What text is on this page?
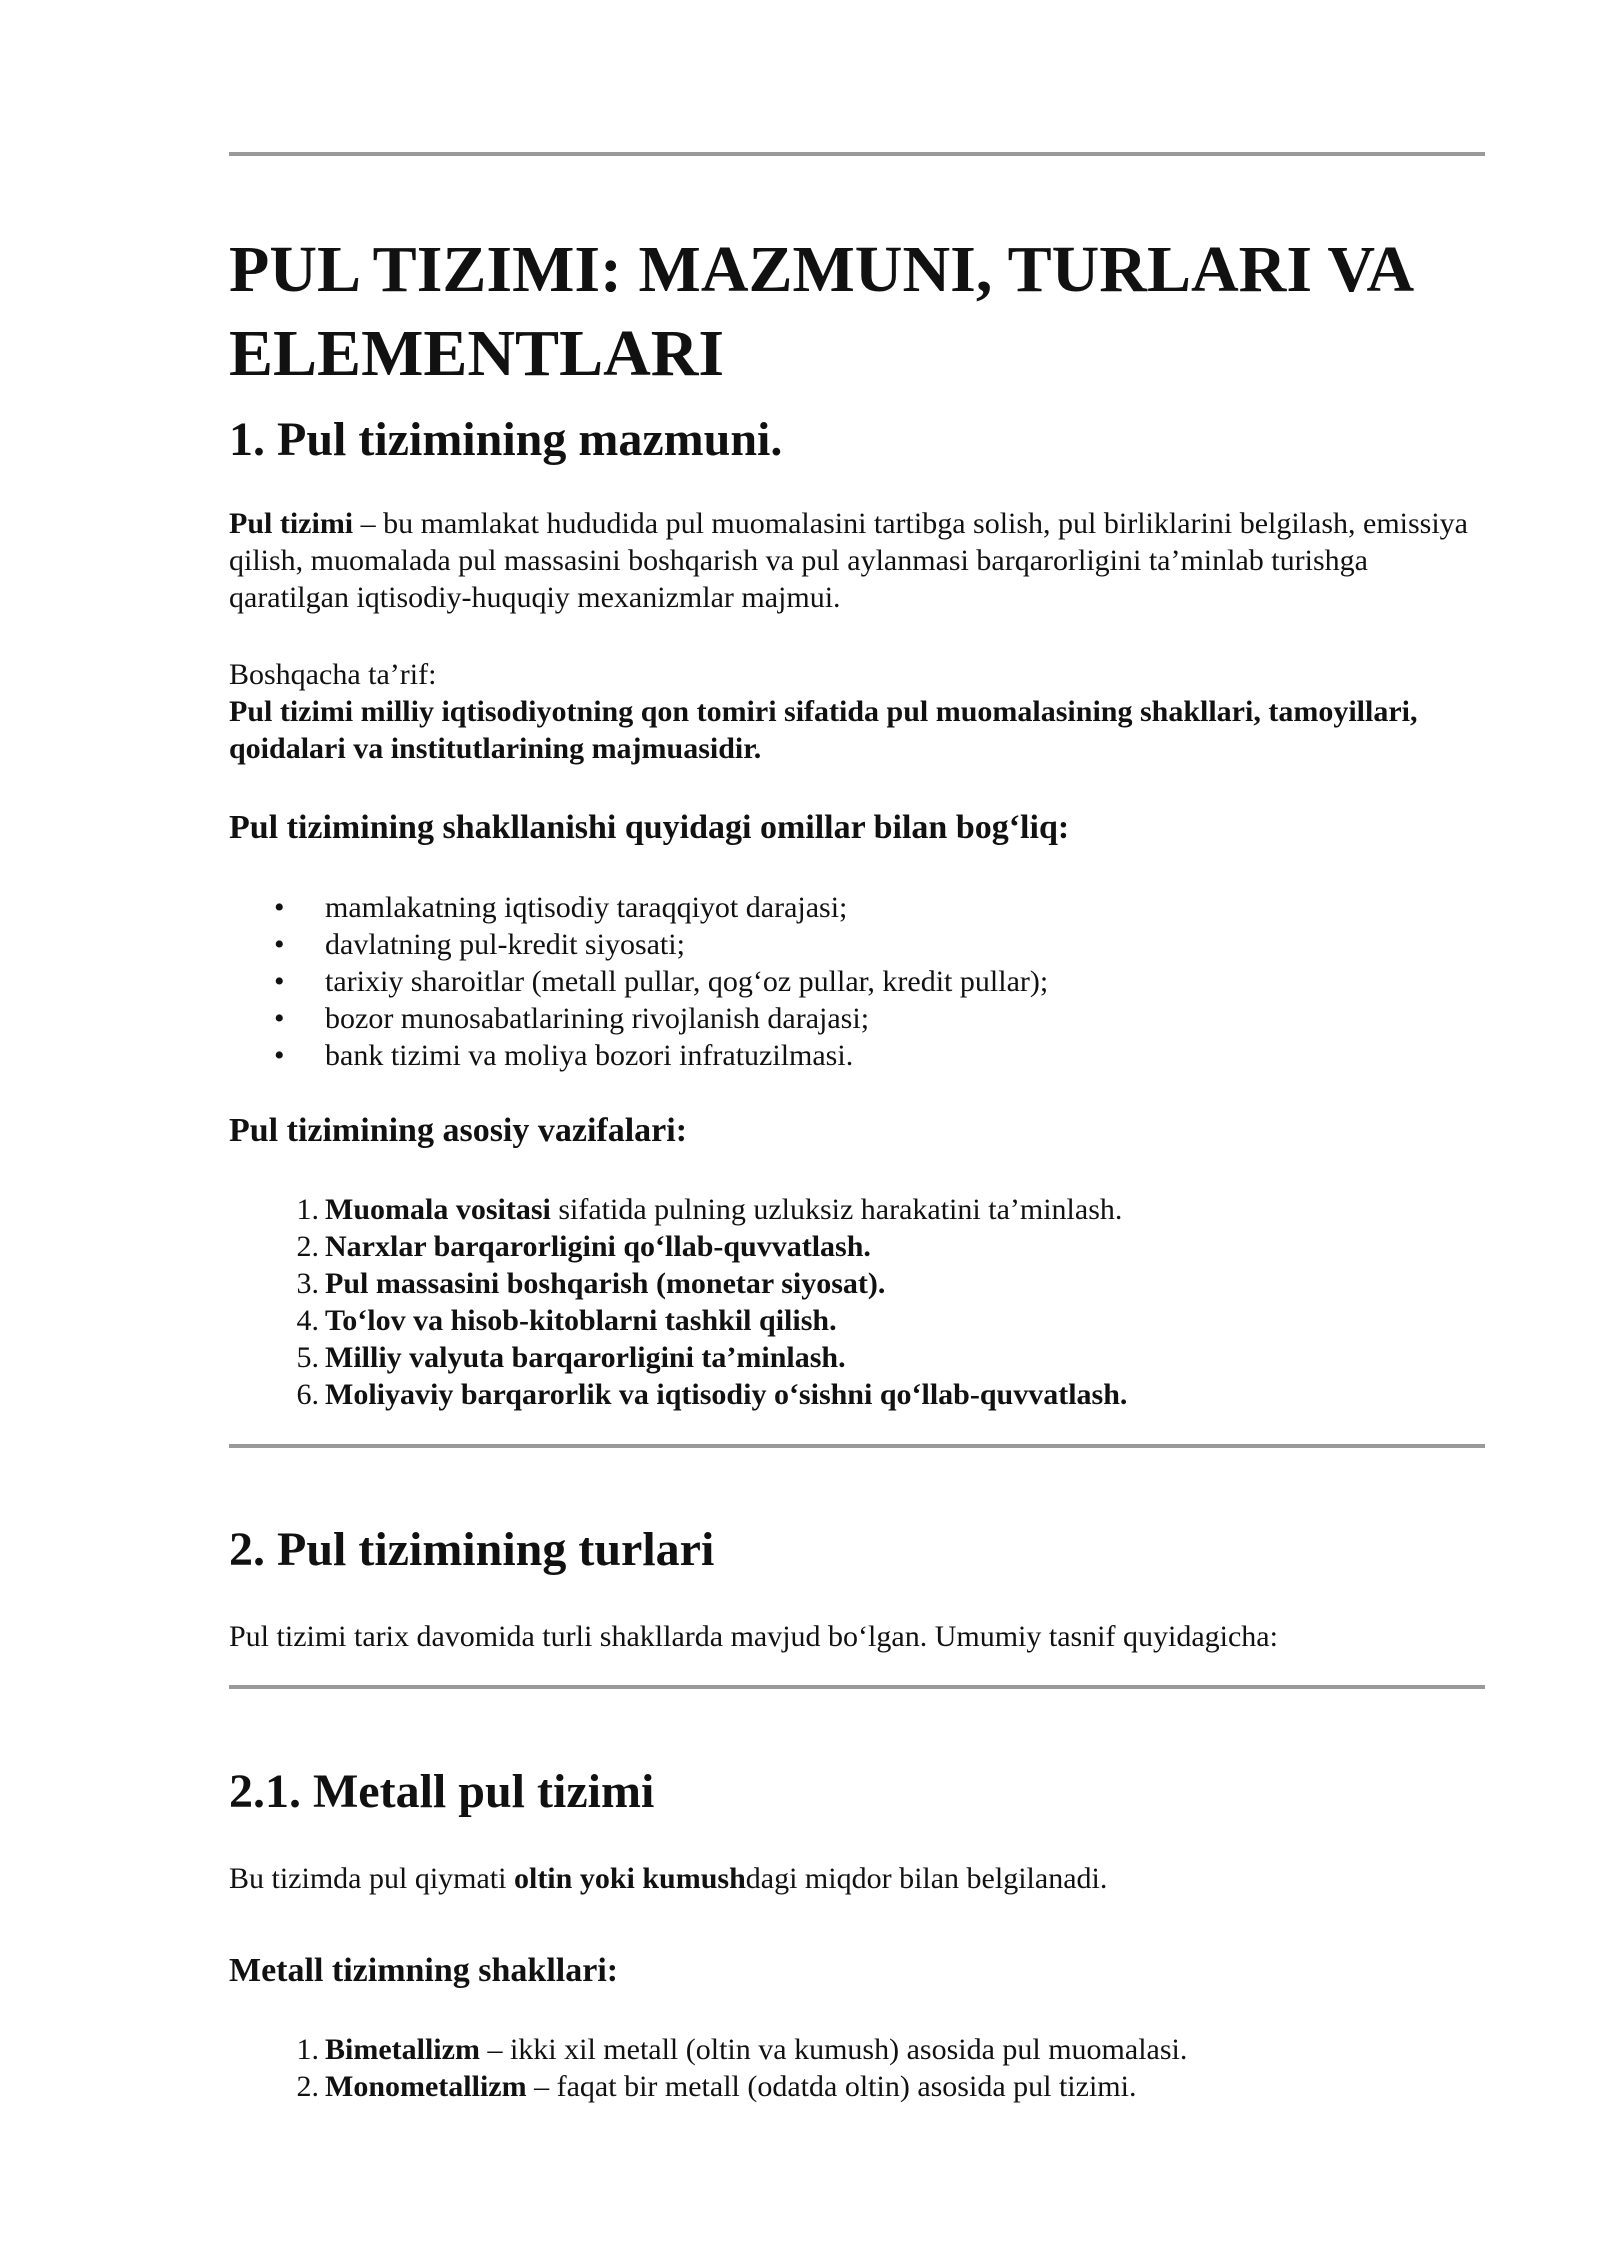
PUL TIZIMI: MAZMUNI, TURLARI VA ELEMENTLARI
1. Pul tizimining mazmuni.

Pul tizimi – bu mamlakat hududida pul muomalasini tartibga solish, pul birliklarini belgilash, emissiya qilish, muomalada pul massasini boshqarish va pul aylanmasi barqarorligini ta’minlab turishga qaratilgan iqtisodiy-huquqiy mexanizmlar majmui.

Boshqacha ta’rif:

Pul tizimi milliy iqtisodiyotning qon tomiri sifatida pul muomalasining shakllari, tamoyillari, qoidalari va institutlarining majmuasidir.

Pul tizimining shakllanishi quyidagi omillar bilan bog‘liq:
• mamlakatning iqtisodiy taraqqiyot darajasi;
• davlatning pul-kredit siyosati;
• tarixiy sharoitlar (metall pullar, qog‘oz pullar, kredit pullar);
• bozor munosabatlarining rivojlanish darajasi;
• bank tizimi va moliya bozori infratuzilmasi.
Pul tizimining asosiy vazifalari:
1. Muomala vositasi sifatida pulning uzluksiz harakatini ta’minlash.
2. Narxlar barqarorligini qo‘llab-quvvatlash.
3. Pul massasini boshqarish (monetar siyosat).
4. To‘lov va hisob-kitoblarni tashkil qilish.
5. Milliy valyuta barqarorligini ta’minlash.
6. Moliyaviy barqarorlik va iqtisodiy o‘sishni qo‘llab-quvvatlash.
2. Pul tizimining turlari

Pul tizimi tarix davomida turli shakllarda mavjud bo‘lgan. Umumiy tasnif quyidagicha:

2.1. Metall pul tizimi

Bu tizimda pul qiymati oltin yoki kumushdagi miqdor bilan belgilanadi.

Metall tizimning shakllari:
1. Bimetallizm – ikki xil metall (oltin va kumush) asosida pul muomalasi.
2. Monometallizm – faqat bir metall (odatda oltin) asosida pul tizimi.
